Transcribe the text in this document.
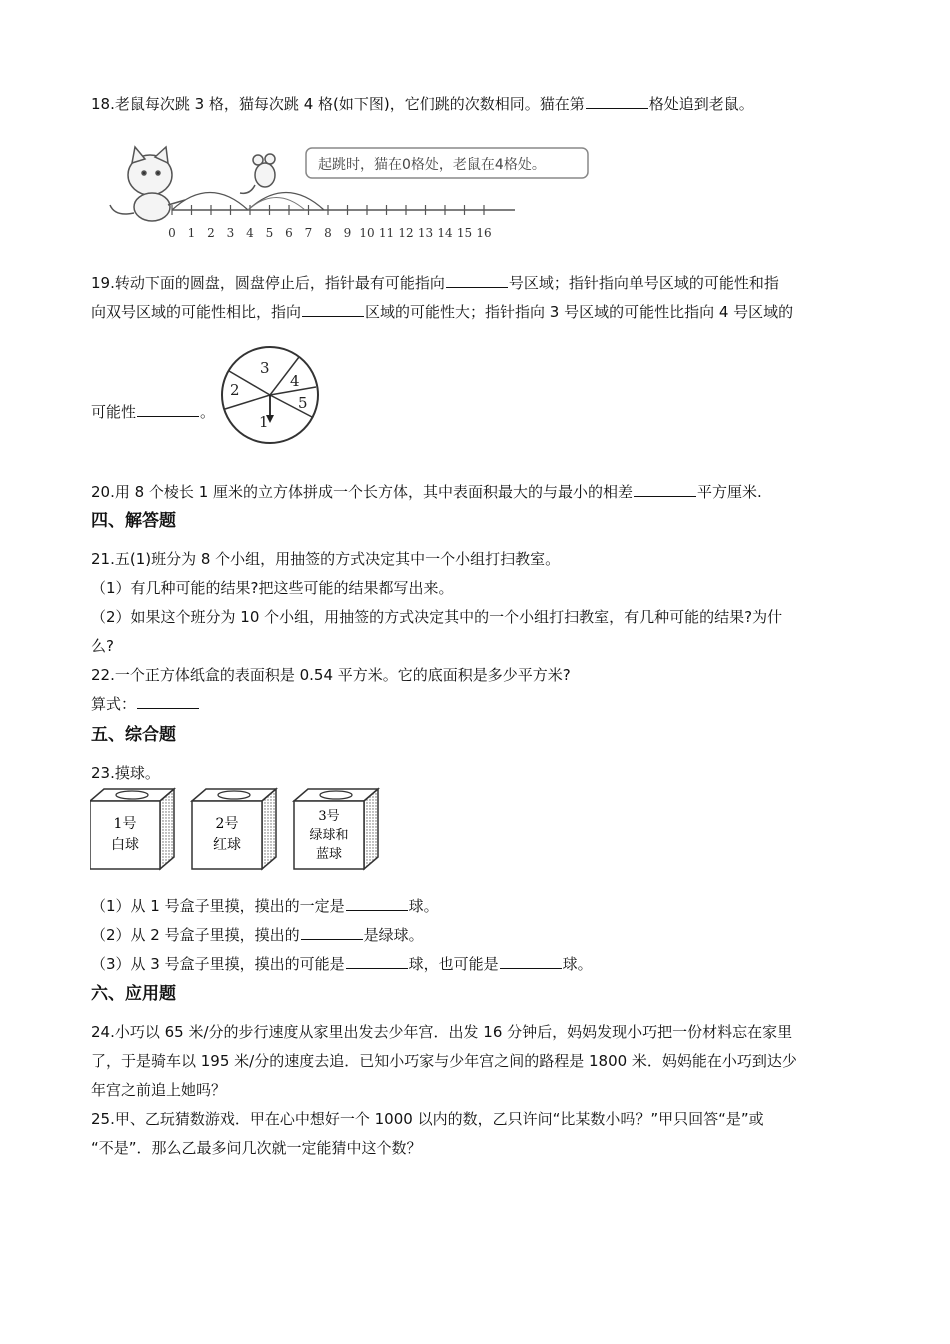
18.老鼠每次跳 3 格，猫每次跳 4 格(如下图)，它们跳的次数相同。猫在第	格处追到老鼠。
起跳时，猫在0格处，老鼠在4格处。
0 1 2 3 4 5 6 7 8 9 10 11 12 13 14 15 16
19.转动下面的圆盘，圆盘停止后，指针最有可能指向	号区域；指针指向单号区域的可能性和指
向双号区域的可能性相比，指向	区域的可能性大；指针指向 3 号区域的可能性比指向 4 号区域的
可能性	。
1
2
3
4
5
20.用 8 个棱长 1 厘米的立方体拼成一个长方体，其中表面积最大的与最小的相差	平方厘米.
四、解答题
21.五(1)班分为 8 个小组，用抽签的方式决定其中一个小组打扫教室。
（1）有几种可能的结果?把这些可能的结果都写出来。
（2）如果这个班分为 10 个小组，用抽签的方式决定其中的一个小组打扫教室，有几种可能的结果?为什
么?
22.一个正方体纸盒的表面积是 0.54 平方米。它的底面积是多少平方米?
算式：
五、综合题
23.摸球。
1号
白球
2号
红球
3号
绿球和
蓝球
（1）从 1 号盒子里摸，摸出的一定是	球。
（2）从 2 号盒子里摸，摸出的	是绿球。
（3）从 3 号盒子里摸，摸出的可能是	球，也可能是	球。
六、应用题
24.小巧以 65 米/分的步行速度从家里出发去少年宫．出发 16 分钟后，妈妈发现小巧把一份材料忘在家里
了，于是骑车以 195 米/分的速度去追．已知小巧家与少年宫之间的路程是 1800 米．妈妈能在小巧到达少
年宫之前追上她吗？
25.甲、乙玩猜数游戏．甲在心中想好一个 1000 以内的数，乙只许问“比某数小吗？”甲只回答“是”或
“不是”．那么乙最多问几次就一定能猜中这个数？
